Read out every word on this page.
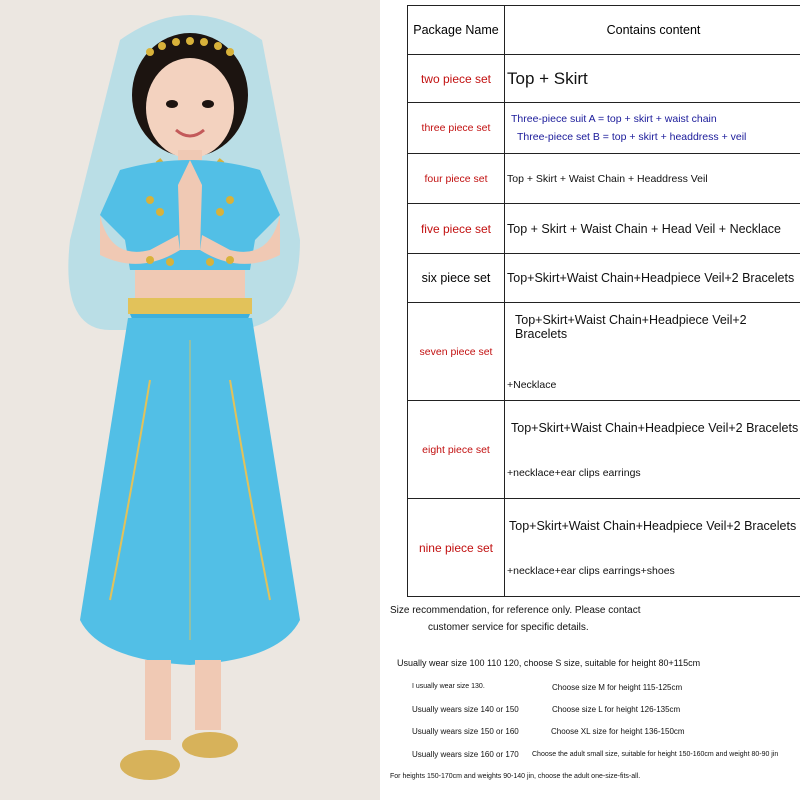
Package Name	Contains content
two piece set	Top + Skirt
three piece set	Three-piece suit A = top + skirt + waist chain
Three-piece set B = top + skirt + headdress + veil

four piece set	Top + Skirt + Waist Chain + Headdress Veil
five piece set	Top + Skirt + Waist Chain + Head Veil + Necklace
six piece set	Top+Skirt+Waist Chain+Headpiece Veil+2 Bracelets
seven piece set	Top+Skirt+Waist Chain+Headpiece Veil+2 Bracelets
+Necklace

eight piece set	Top+Skirt+Waist Chain+Headpiece Veil+2 Bracelets
+necklace+ear clips earrings

nine piece set	Top+Skirt+Waist Chain+Headpiece Veil+2 Bracelets
+necklace+ear clips earrings+shoes
Size recommendation, for reference only. Please contact
customer service for specific details.
Usually wear size 100 110 120, choose S size, suitable for height 80+115cm
I usually wear size 130.	Choose size M for height 115-125cm
Usually wears size 140 or 150	Choose size L for height 126-135cm
Usually wears size 150 or 160	Choose XL size for height 136-150cm
Usually wears size 160 or 170 Choose the adult small size, suitable for height 150-160cm and weight 80-90 jin
For heights 150-170cm and weights 90-140 jin, choose the adult one-size-fits-all.
